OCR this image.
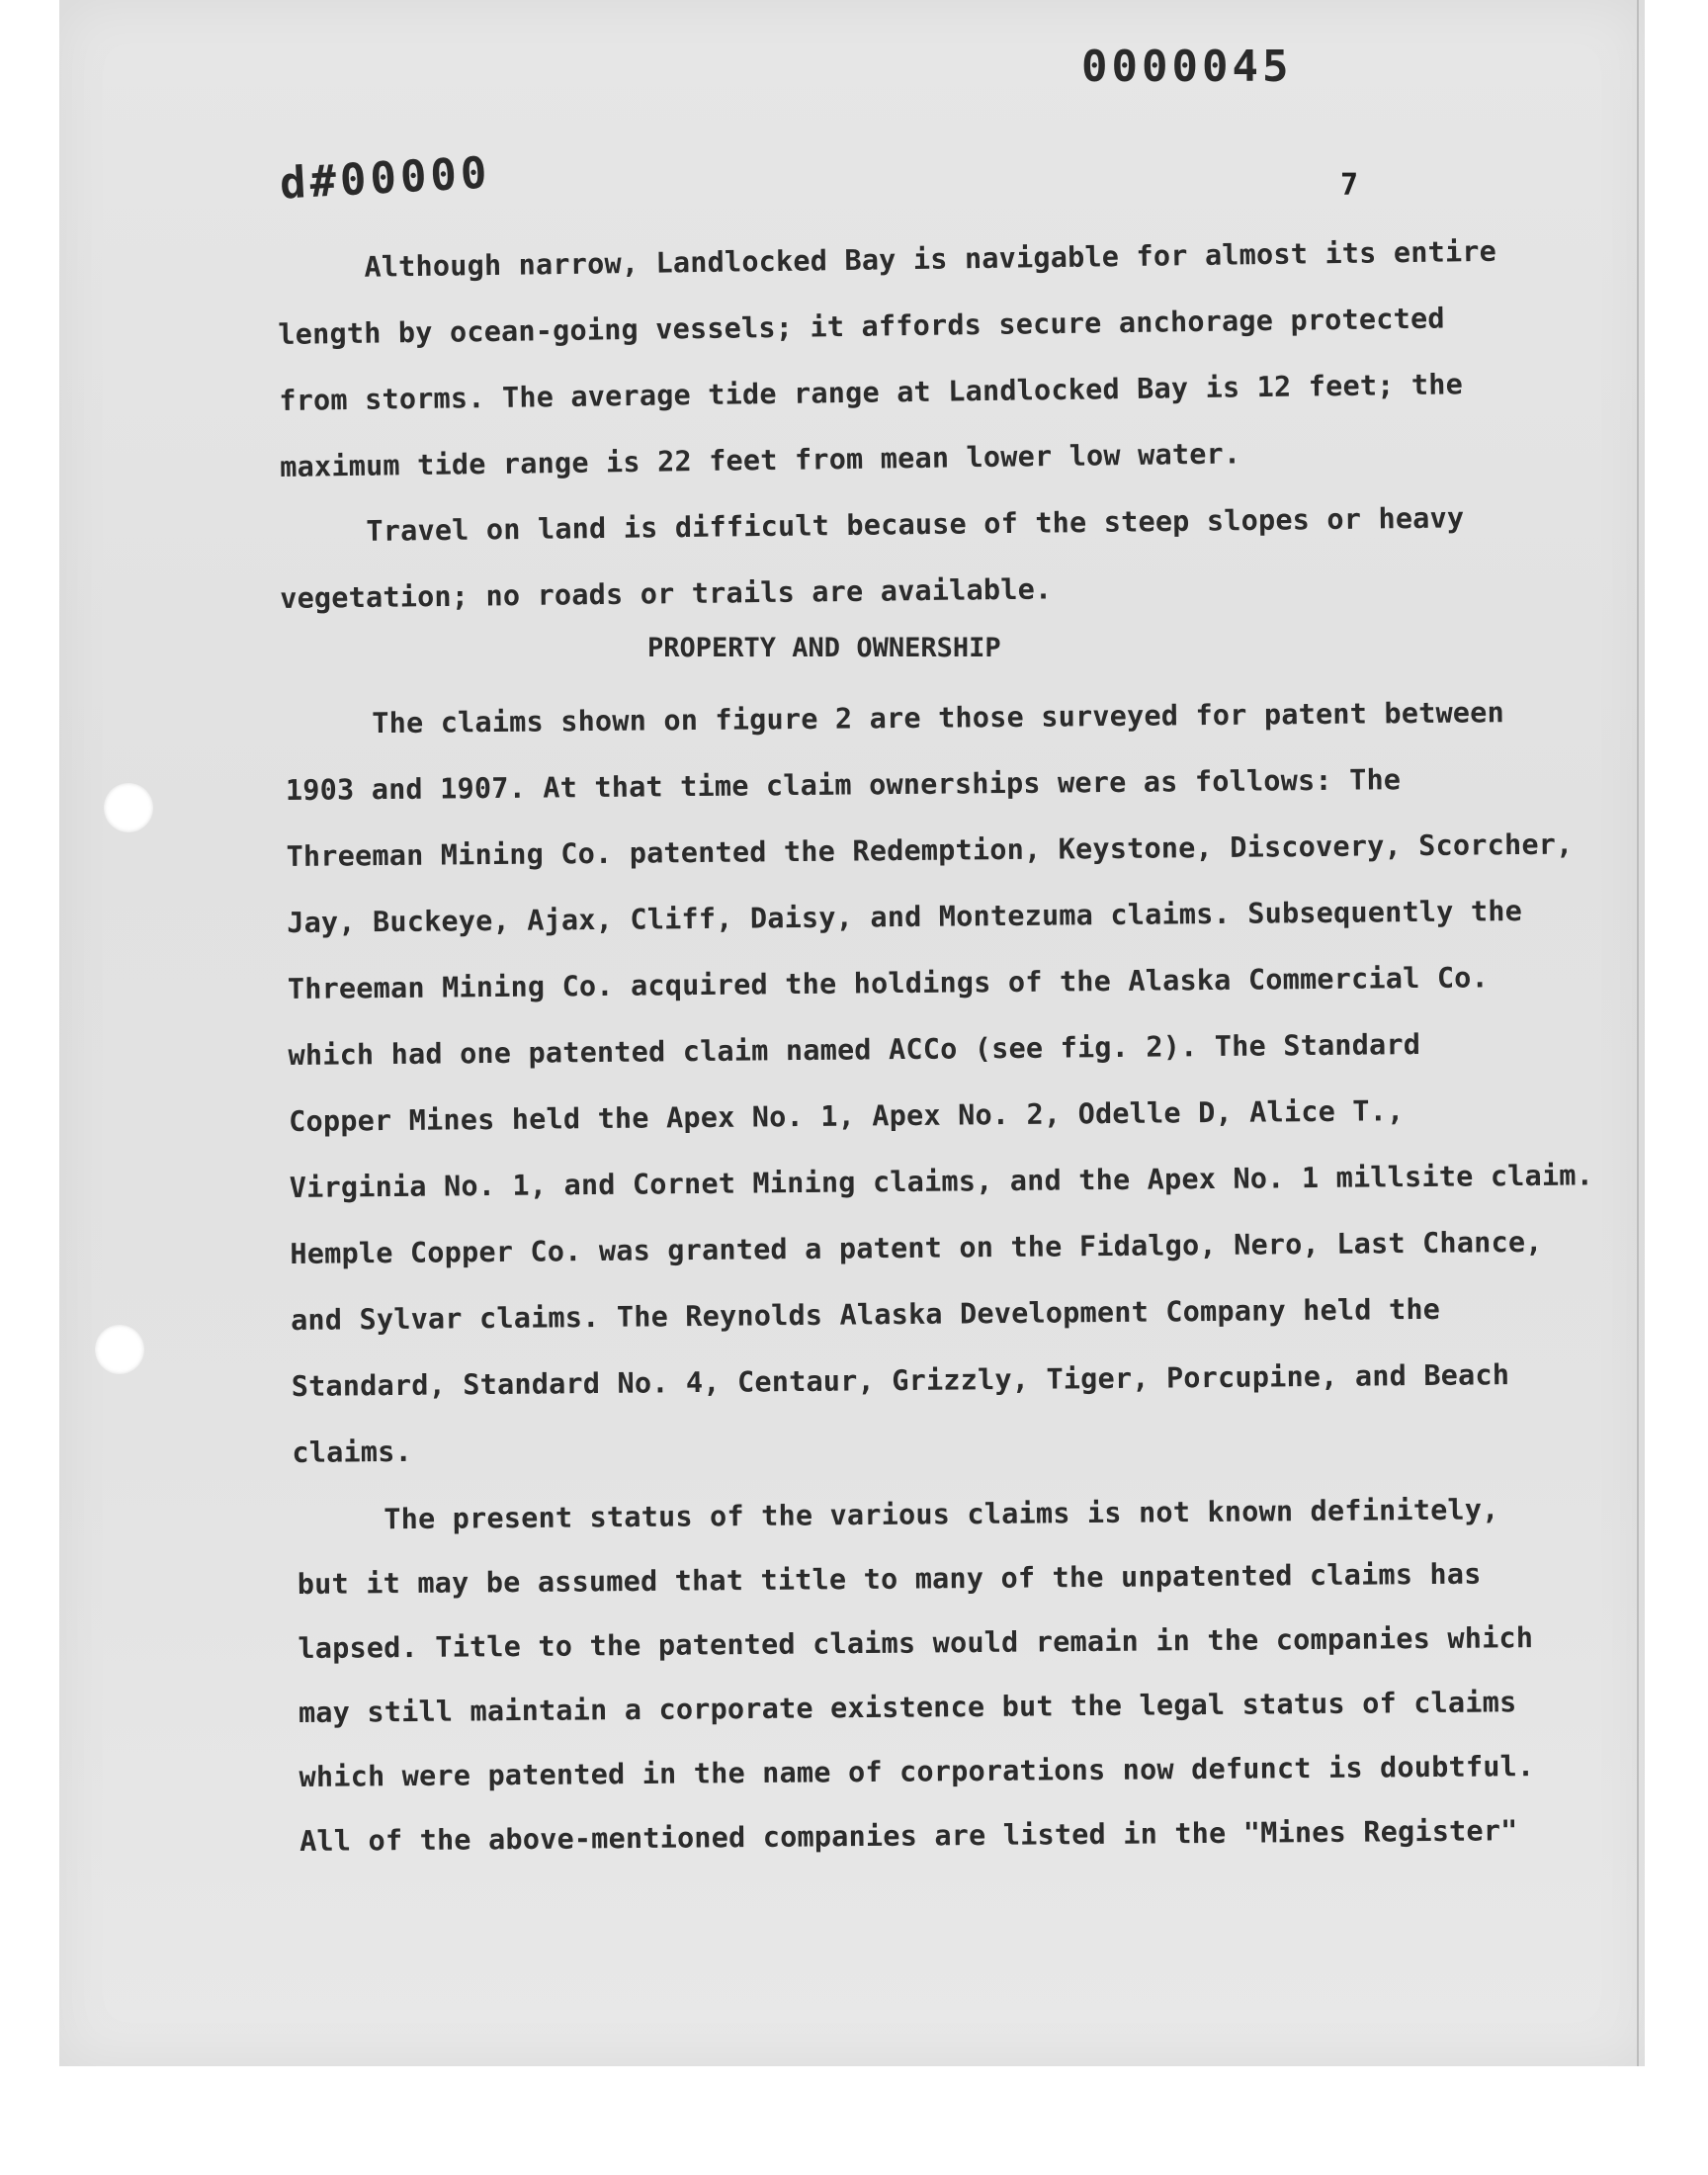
0000045
d#00000	7
Although narrow, Landlocked Bay is navigable for almost its entire
length by ocean-going vessels; it affords secure anchorage protected
from storms. The average tide range at Landlocked Bay is 12 feet; the
maximum tide range is 22 feet from mean lower low water.
Travel on land is difficult because of the steep slopes or heavy
vegetation; no roads or trails are available.
PROPERTY AND OWNERSHIP
The claims shown on figure 2 are those surveyed for patent between
1903 and 1907. At that time claim ownerships were as follows: The
Threeman Mining Co. patented the Redemption, Keystone, Discovery, Scorcher,
Jay, Buckeye, Ajax, Cliff, Daisy, and Montezuma claims. Subsequently the
Threeman Mining Co. acquired the holdings of the Alaska Commercial Co.
which had one patented claim named ACCo (see fig. 2). The Standard
Copper Mines held the Apex No. 1, Apex No. 2, Odelle D, Alice T.,
Virginia No. 1, and Cornet Mining claims, and the Apex No. 1 millsite claim.
Hemple Copper Co. was granted a patent on the Fidalgo, Nero, Last Chance,
and Sylvar claims. The Reynolds Alaska Development Company held the
Standard, Standard No. 4, Centaur, Grizzly, Tiger, Porcupine, and Beach
claims.
The present status of the various claims is not known definitely,
but it may be assumed that title to many of the unpatented claims has
lapsed. Title to the patented claims would remain in the companies which
may still maintain a corporate existence but the legal status of claims
which were patented in the name of corporations now defunct is doubtful.
All of the above-mentioned companies are listed in the "Mines Register"
